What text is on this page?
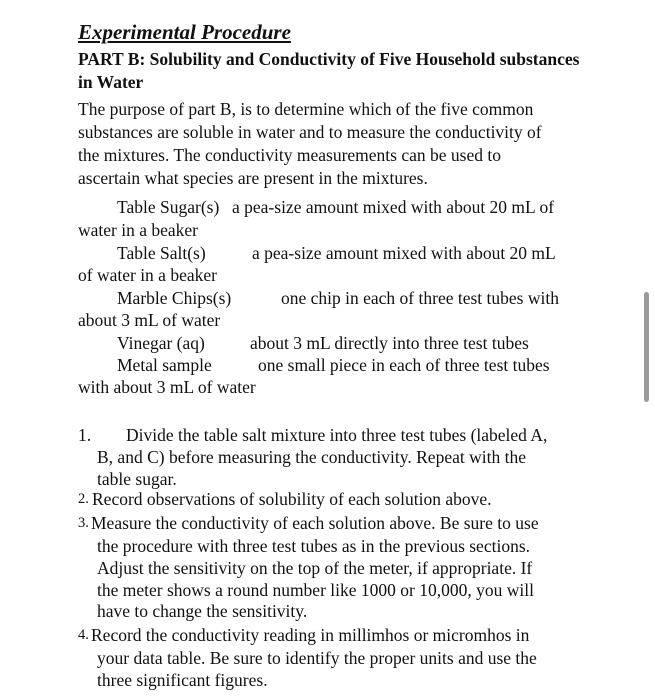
Experimental Procedure
PART B: Solubility and Conductivity of Five Household substances in Water
The purpose of part B, is to determine which of the five common
substances are soluble in water and to measure the conductivity of
the mixtures. The conductivity measurements can be used to
ascertain what species are present in the mixtures.
Table Sugar(s) a pea-size amount mixed with about 20 mL of
water in a beaker
Table Salt(s)	a pea-size amount mixed with about 20 mL
of water in a beaker
Marble Chips(s)	one chip in each of three test tubes with
about 3 mL of water
Vinegar (aq)	about 3 mL directly into three test tubes
Metal sample	one small piece in each of three test tubes
with about 3 mL of water
1. Divide the table salt mixture into three test tubes (labeled A,
B, and C) before measuring the conductivity. Repeat with the
table sugar.
2. Record observations of solubility of each solution above.
3. Measure the conductivity of each solution above. Be sure to use
the procedure with three test tubes as in the previous sections.
Adjust the sensitivity on the top of the meter, if appropriate. If
the meter shows a round number like 1000 or 10,000, you will
have to change the sensitivity.
4. Record the conductivity reading in millimhos or micromhos in
your data table. Be sure to identify the proper units and use the
three significant figures.
